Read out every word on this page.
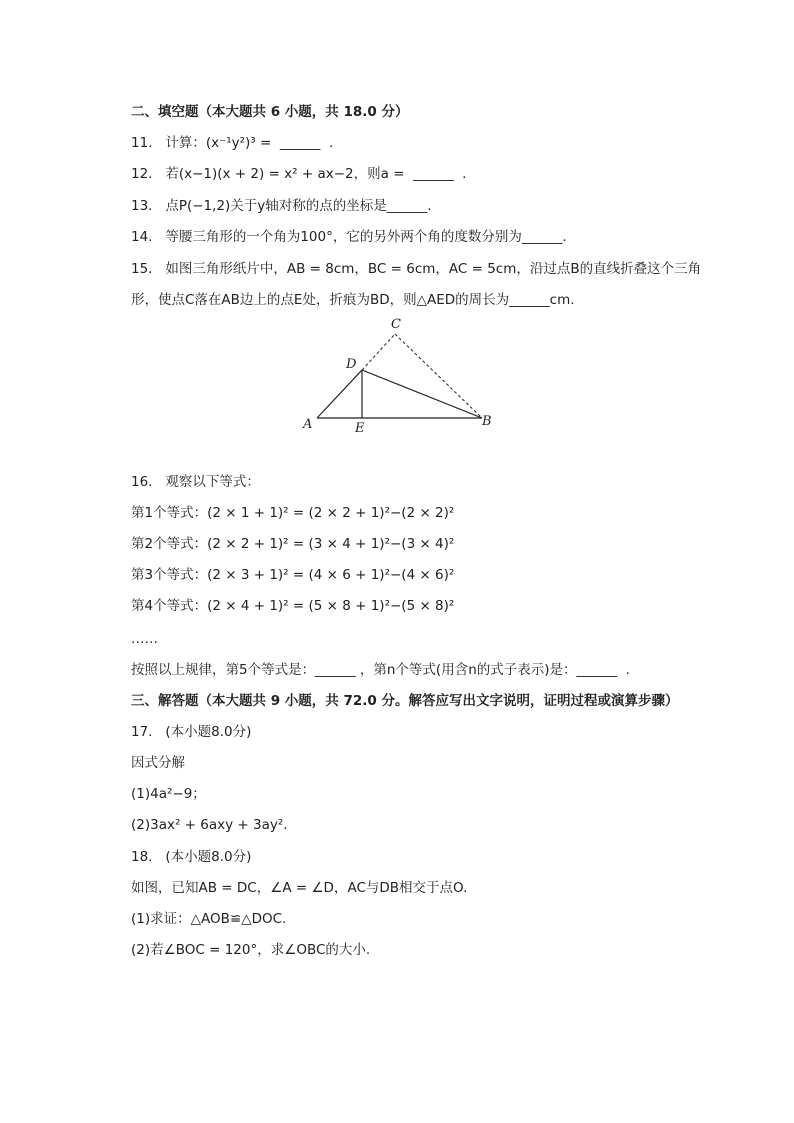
二、填空题（本大题共 6 小题，共 18.0 分）
11.   计算：(x⁻¹y²)³ =  ______  .
12.   若(x−1)(x + 2) = x² + ax−2，则a =  ______  .
13.   点P(−1,2)关于y轴对称的点的坐标是______.
14.   等腰三角形的一个角为100°，它的另外两个角的度数分别为______.
15.   如图三角形纸片中，AB = 8cm，BC = 6cm，AC = 5cm，沿过点B的直线折叠这个三角
形，使点C落在AB边上的点E处，折痕为BD，则△AED的周长为______cm.
C
D
A	E	B
16.   观察以下等式：
第1个等式：(2 × 1 + 1)² = (2 × 2 + 1)²−(2 × 2)²
第2个等式：(2 × 2 + 1)² = (3 × 4 + 1)²−(3 × 4)²
第3个等式：(2 × 3 + 1)² = (4 × 6 + 1)²−(4 × 6)²
第4个等式：(2 × 4 + 1)² = (5 × 8 + 1)²−(5 × 8)²
……
按照以上规律，第5个等式是：______ ，第n个等式(用含n的式子表示)是：______  .
三、解答题（本大题共 9 小题，共 72.0 分。解答应写出文字说明，证明过程或演算步骤）
17.   (本小题8.0分)
因式分解
(1)4a²−9；
(2)3ax² + 6axy + 3ay².
18.   (本小题8.0分)
如图，已知AB = DC，∠A = ∠D，AC与DB相交于点O.
(1)求证：△AOB≌△DOC.
(2)若∠BOC = 120°，求∠OBC的大小.
